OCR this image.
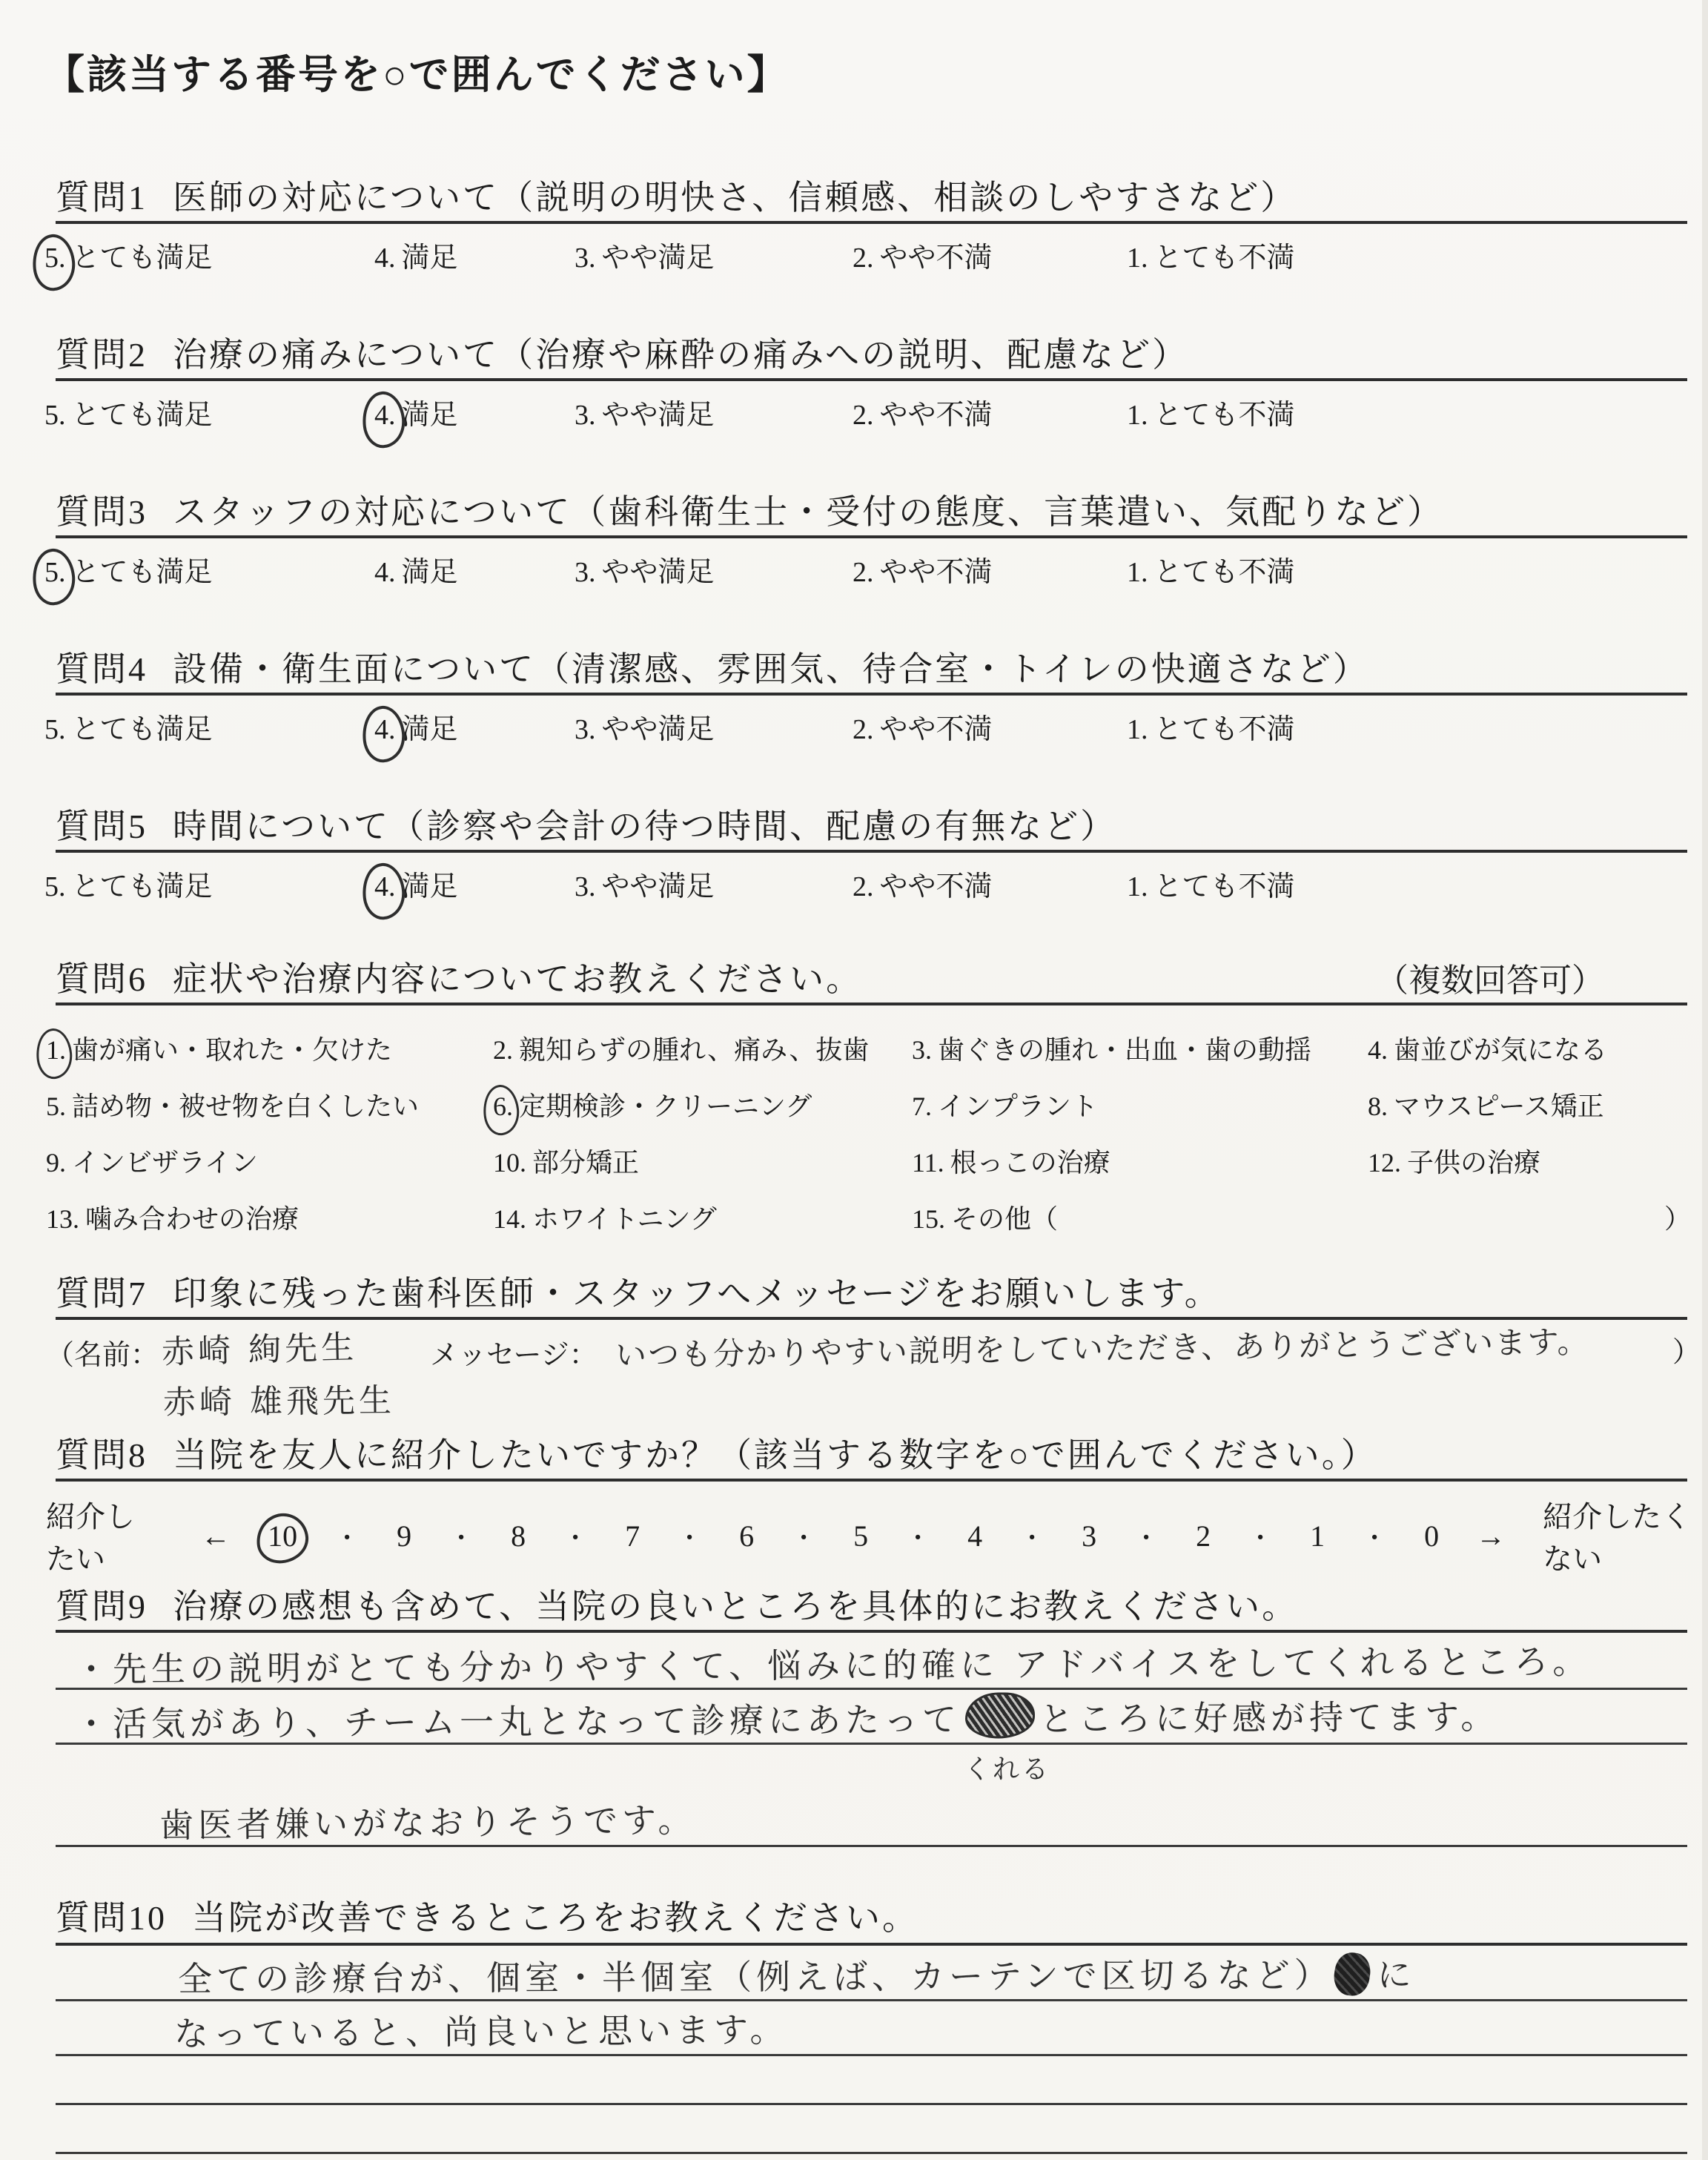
【該当する番号を○で囲んでください】
質問1 医師の対応について（説明の明快さ、信頼感、相談のしやすさなど）
5. とても満足	4. 満足	3. やや満足	2. やや不満	1. とても不満
質問2 治療の痛みについて（治療や麻酔の痛みへの説明、配慮など）
5. とても満足	4. 満足	3. やや満足	2. やや不満	1. とても不満
質問3 スタッフの対応について（歯科衛生士・受付の態度、言葉遣い、気配りなど）
5. とても満足	4. 満足	3. やや満足	2. やや不満	1. とても不満
質問4 設備・衛生面について（清潔感、雰囲気、待合室・トイレの快適さなど）
5. とても満足	4. 満足	3. やや満足	2. やや不満	1. とても不満
質問5 時間について（診察や会計の待つ時間、配慮の有無など）
5. とても満足	4. 満足	3. やや満足	2. やや不満	1. とても不満
質問6 症状や治療内容についてお教えください。	（複数回答可）
1. 歯が痛い・取れた・欠けた	2. 親知らずの腫れ、痛み、抜歯 3. 歯ぐきの腫れ・出血・歯の動揺 4. 歯並びが気になる
5. 詰め物・被せ物を白くしたい	6. 定期検診・クリーニング	7. インプラント	8. マウスピース矯正
9. インビザライン	10. 部分矯正	11. 根っこの治療	12. 子供の治療
13. 噛み合わせの治療	14. ホワイトニング	15. その他（	）
質問7 印象に残った歯科医師・スタッフへメッセージをお願いします。
（名前： 赤崎 絢先生	メッセージ： いつも分かりやすい説明をしていただき、ありがとうございます。	）
赤崎 雄飛先生
質問8 当院を友人に紹介したいですか？（該当する数字を○で囲んでください。）
紹介したい
← 10 ・ 9 ・ 8 ・ 7 ・ 6 ・ 5 ・ 4 ・ 3 ・ 2 ・ 1 ・ 0 →
紹介したくない
質問9 治療の感想も含めて、当院の良いところを具体的にお教えください。
・先生の説明がとても分かりやすくて、悩みに的確に アドバイスをしてくれるところ。
・活気があり、チーム一丸となって診療にあたって ところに好感が持てます。
くれる
歯医者嫌いがなおりそうです。
質問10 当院が改善できるところをお教えください。
全ての診療台が、個室・半個室（例えば、カーテンで区切るなど） に
なっていると、尚良いと思います。
